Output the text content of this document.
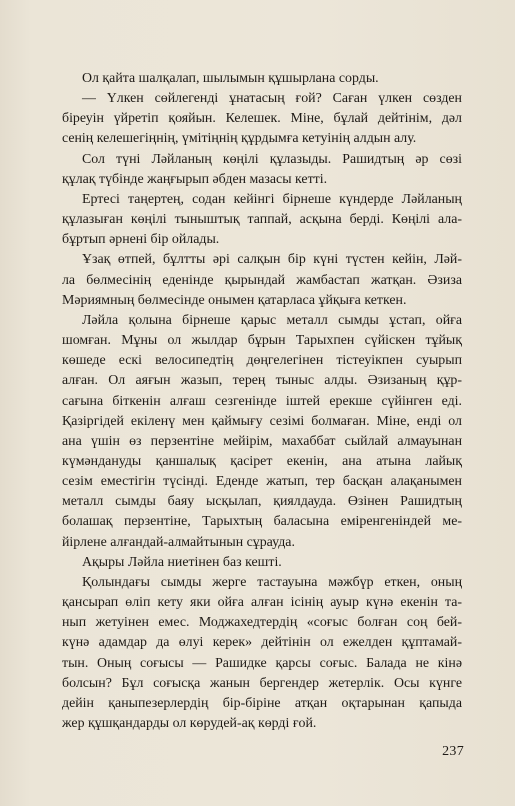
Ол қайта шалқалап, шылымын құшырлана сорды.

— Үлкен сөйлегенді ұнатасың ғой? Саған үлкен сөзден
біреуін үйретіп қояйын. Келешек. Міне, бұлай дейтінім, дәл
сенің келешегіңнің, үмітіңнің құрдымға кетуінің алдын алу.

Сол түні Ләйланың көңілі құлазыды. Рашидтың әр сөзі
құлақ түбінде жаңғырып әбден мазасы кетті.

Ертесі таңертең, содан кейінгі бірнеше күндерде Ләйланың
құлазыған көңілі тыныштық таппай, асқына берді. Көңілі ала-
бұртып әрнені бір ойлады.

Ұзақ өтпей, бұлтты әрі салқын бір күні түстен кейін, Ләй-
ла бөлмесінің еденінде қырындай жамбастап жатқан. Әзиза
Мәриямның бөлмесінде онымен қатарласа ұйқыға кеткен.

Ләйла қолына бірнеше қарыс металл сымды ұстап, ойға
шомған. Мұны ол жылдар бұрын Тарыхпен сүйіскен тұйық
көшеде ескі велосипедтің дөңгелегінен тістеуікпен суырып
алған. Ол аяғын жазып, терең тыныс алды. Әзизаның құр-
сағына біткенін алғаш сезгенінде іштей ерекше сүйінген еді.
Қазіргідей екіленү мен қаймығу сезімі болмаған. Міне, енді ол
ана үшін өз перзентіне мейірім, махаббат сыйлай алмауынан
күмәндануды қаншалық қасірет екенін, ана атына лайық
сезім еместігін түсінді. Еденде жатып, тер басқан алақанымен
металл сымды баяу ысқылап, қиялдауда. Өзінен Рашидтың
болашақ перзентіне, Тарыхтың баласына еміренгеніндей ме-
йірлене алғандай-алмайтынын сұрауда.

Ақыры Ләйла ниетінен баз кешті.

Қолындағы сымды жерге тастауына мәжбүр еткен, оның
қансырап өліп кету яки ойға алған ісінің ауыр күнә екенін та-
нып жетуінен емес. Моджахедтердің «соғыс болған соң бей-
күнә адамдар да өлуі керек» дейтінін ол ежелден құптамай-
тын. Оның соғысы — Рашидке қарсы соғыс. Балада не кінә
болсын? Бұл соғысқа жанын бергендер жетерлік. Осы күнге
дейін қаныпезерлердің бір-біріне атқан оқтарынан қапыда
жер құшқандарды ол көрудей-ақ көрді ғой.

237
